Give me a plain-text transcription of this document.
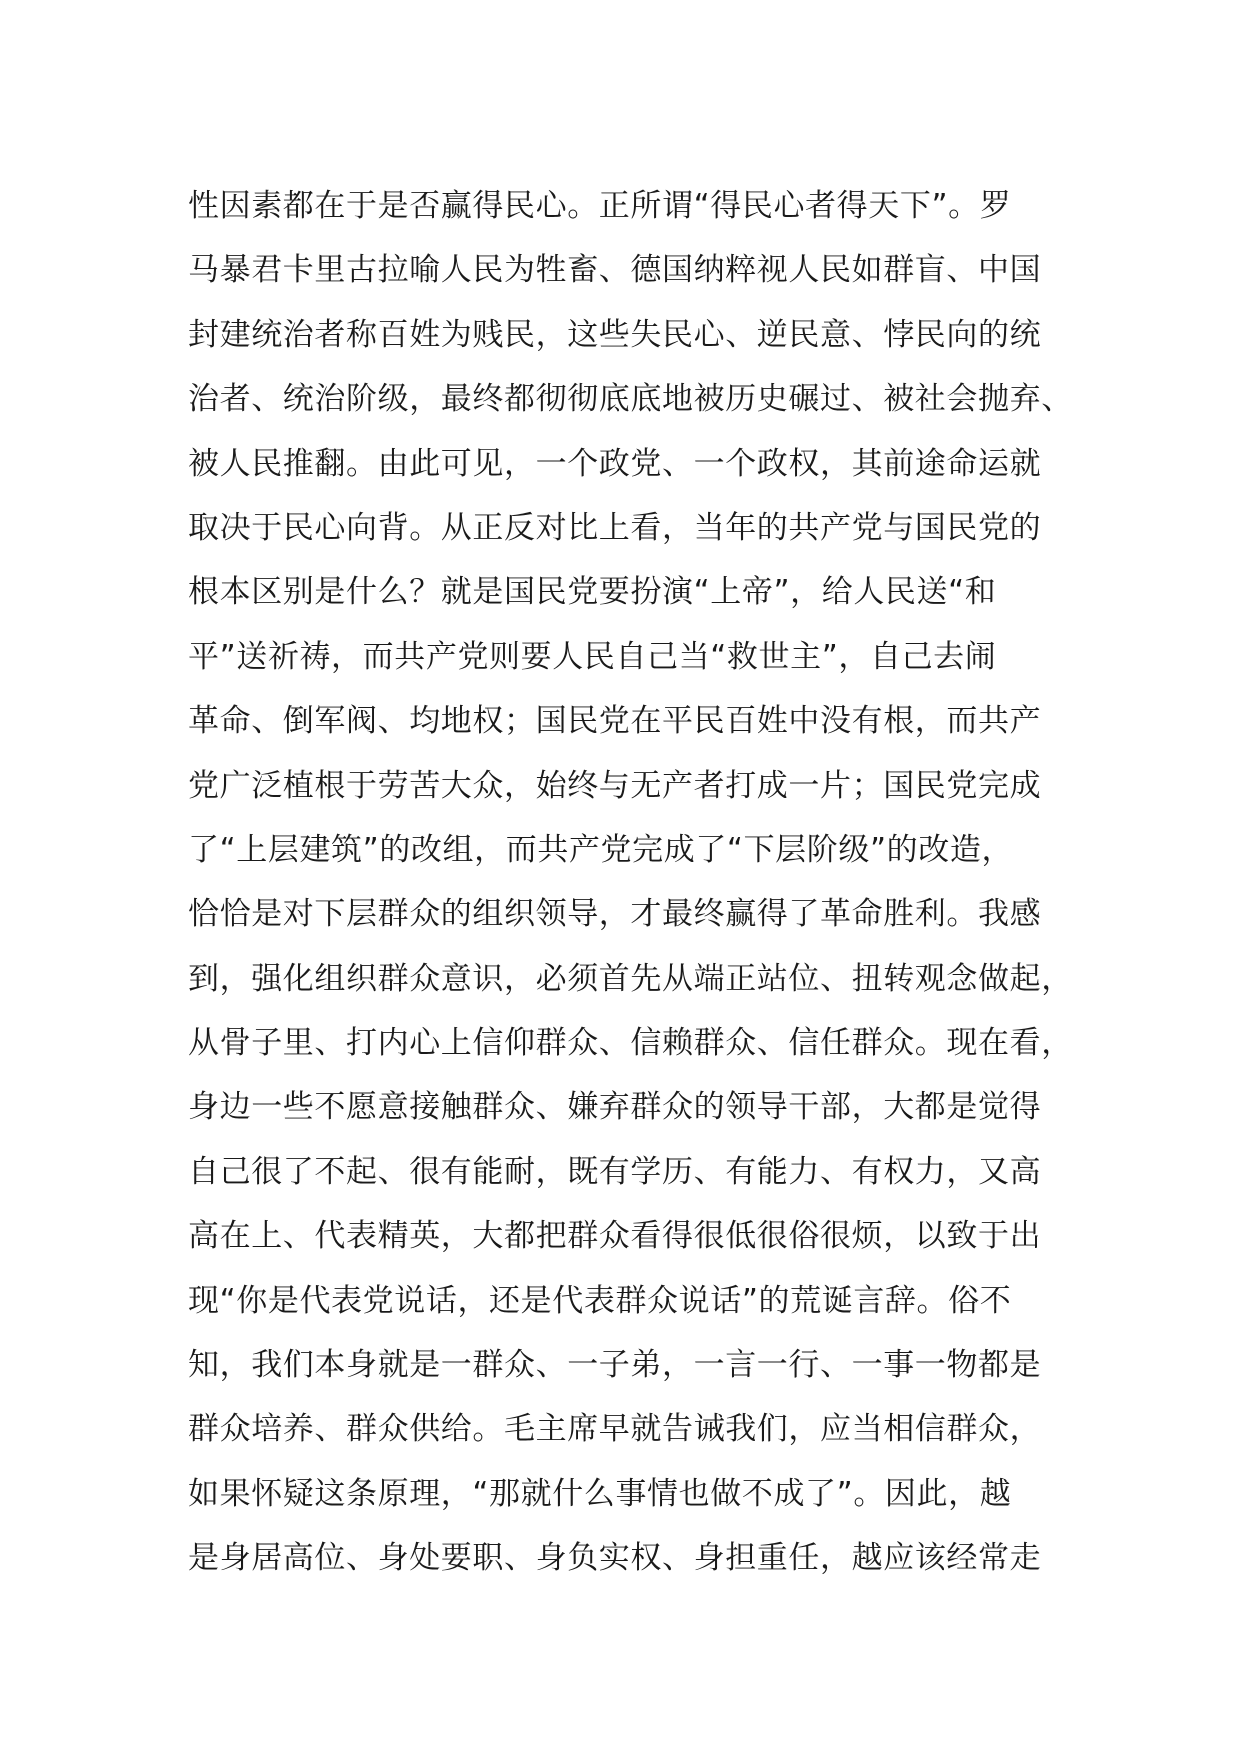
性因素都在于是否赢得民心。正所谓“得民心者得天下”。罗

马暴君卡里古拉喻人民为牲畜、德国纳粹视人民如群盲、中国

封建统治者称百姓为贱民，这些失民心、逆民意、悖民向的统

治者、统治阶级，最终都彻彻底底地被历史碾过、被社会抛弃、

被人民推翻。由此可见，一个政党、一个政权，其前途命运就

取决于民心向背。从正反对比上看，当年的共产党与国民党的

根本区别是什么？就是国民党要扮演“上帝”，给人民送“和

平”送祈祷，而共产党则要人民自己当“救世主”，自己去闹

革命、倒军阀、均地权；国民党在平民百姓中没有根，而共产

党广泛植根于劳苦大众，始终与无产者打成一片；国民党完成

了“上层建筑”的改组，而共产党完成了“下层阶级”的改造，

恰恰是对下层群众的组织领导，才最终赢得了革命胜利。我感

到，强化组织群众意识，必须首先从端正站位、扭转观念做起，

从骨子里、打内心上信仰群众、信赖群众、信任群众。现在看，

身边一些不愿意接触群众、嫌弃群众的领导干部，大都是觉得

自己很了不起、很有能耐，既有学历、有能力、有权力，又高

高在上、代表精英，大都把群众看得很低很俗很烦，以致于出

现“你是代表党说话，还是代表群众说话”的荒诞言辞。俗不

知，我们本身就是一群众、一子弟，一言一行、一事一物都是

群众培养、群众供给。毛主席早就告诫我们，应当相信群众，

如果怀疑这条原理，“那就什么事情也做不成了”。因此，越

是身居高位、身处要职、身负实权、身担重任，越应该经常走
